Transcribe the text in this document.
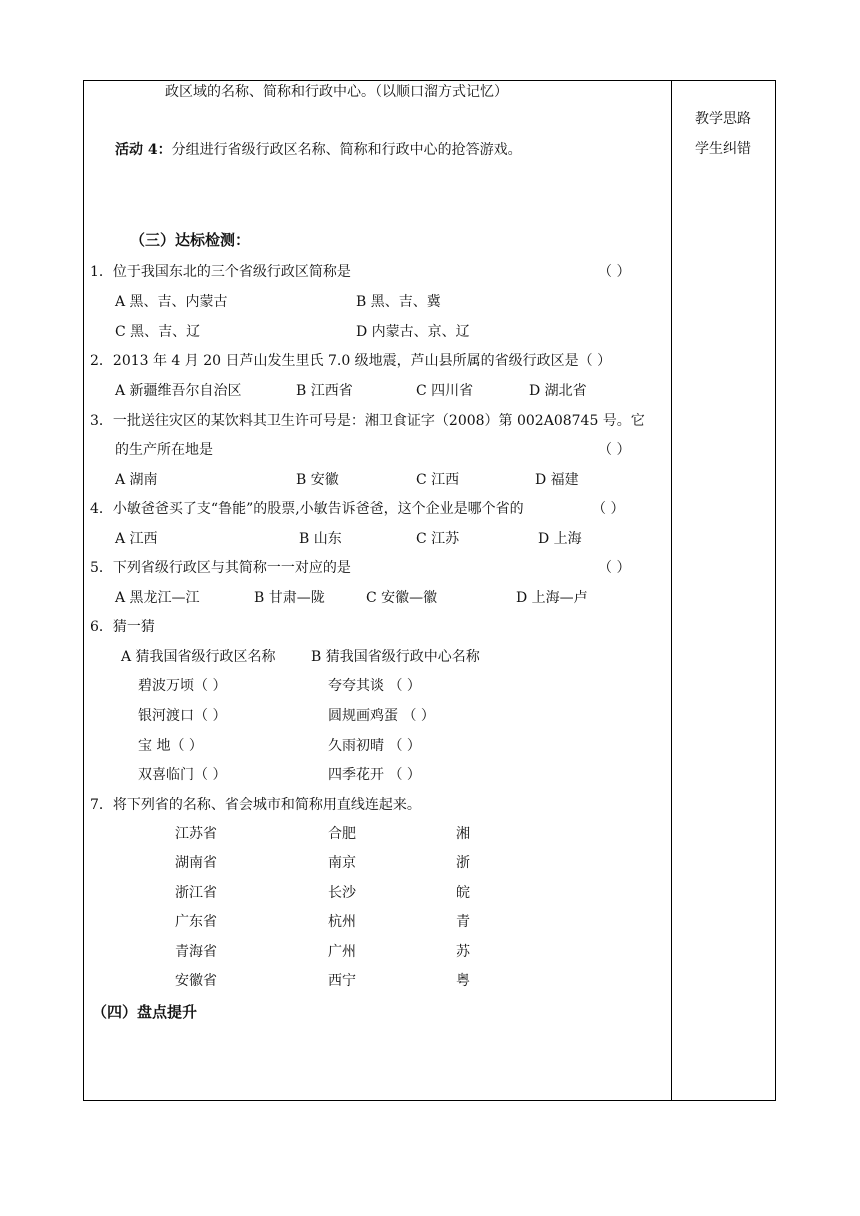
教学思路
学生纠错
政区域的名称、简称和行政中心。（以顺口溜方式记忆）
活动 4：分组进行省级行政区名称、简称和行政中心的抢答游戏。
（三）达标检测：
1．位于我国东北的三个省级行政区简称是	（ ）
A 黑、吉、内蒙古	B 黑、吉、冀
C 黑、吉、辽	D 内蒙古、京、辽
2．2013 年 4 月 20 日芦山发生里氏 7.0 级地震，芦山县所属的省级行政区是（ ）
A 新疆维吾尔自治区	B 江西省	C 四川省	D 湖北省
3．一批送往灾区的某饮料其卫生许可号是：湘卫食证字（2008）第 002A08745 号。它
的生产所在地是	（ ）
A 湖南	B 安徽	C 江西	D 福建
4．小敏爸爸买了支“鲁能”的股票,小敏告诉爸爸，这个企业是哪个省的	（ ）
A 江西	B 山东	C 江苏	D 上海
5．下列省级行政区与其简称一一对应的是	（ ）
A 黑龙江—江	B 甘肃—陇	C 安徽—徽	D 上海—卢
6．猜一猜
A 猜我国省级行政区名称	B 猜我国省级行政中心名称
碧波万顷（ ）	夸夸其谈 （ ）
银河渡口（ ）	圆规画鸡蛋 （ ）
宝 地（ ）	久雨初晴 （ ）
双喜临门（ ）	四季花开 （ ）
7．将下列省的名称、省会城市和简称用直线连起来。
江苏省	合肥	湘
湖南省	南京	浙
浙江省	长沙	皖
广东省	杭州	青
青海省	广州	苏
安徽省	西宁	粤
（四）盘点提升
